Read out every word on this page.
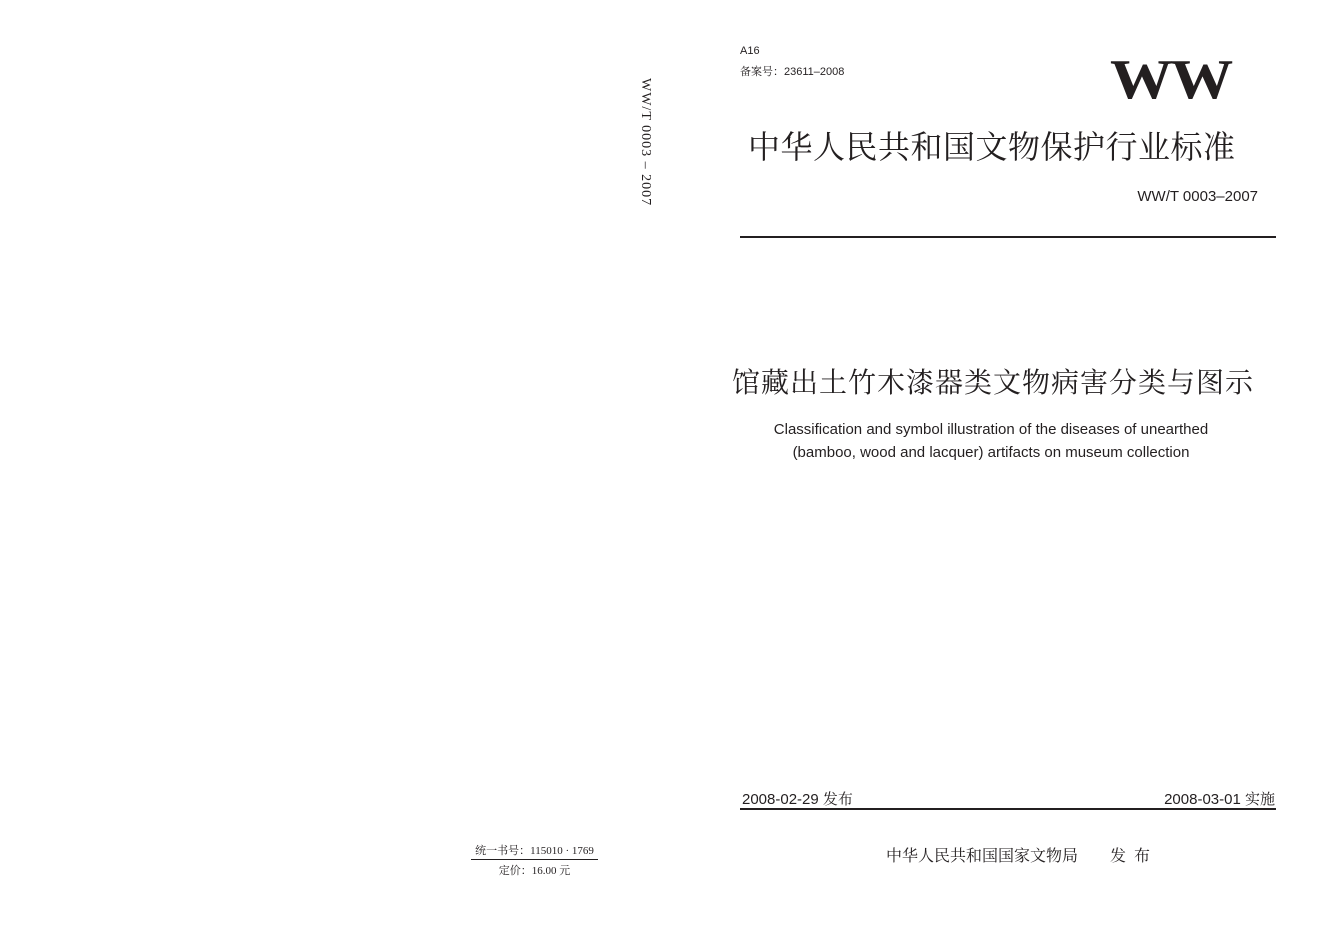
WW/T 0003 – 2007
A16
备案号：23611–2008	WW
中华人民共和国文物保护行业标准
WW/T 0003–2007
馆藏出土竹木漆器类文物病害分类与图示
Classification and symbol illustration of the diseases of unearthed
(bamboo, wood and lacquer) artifacts on museum collection
2008-02-29 发布	2008-03-01 实施
中华人民共和国国家文物局 发布
统一书号：115010 · 1769
定价：16.00 元
